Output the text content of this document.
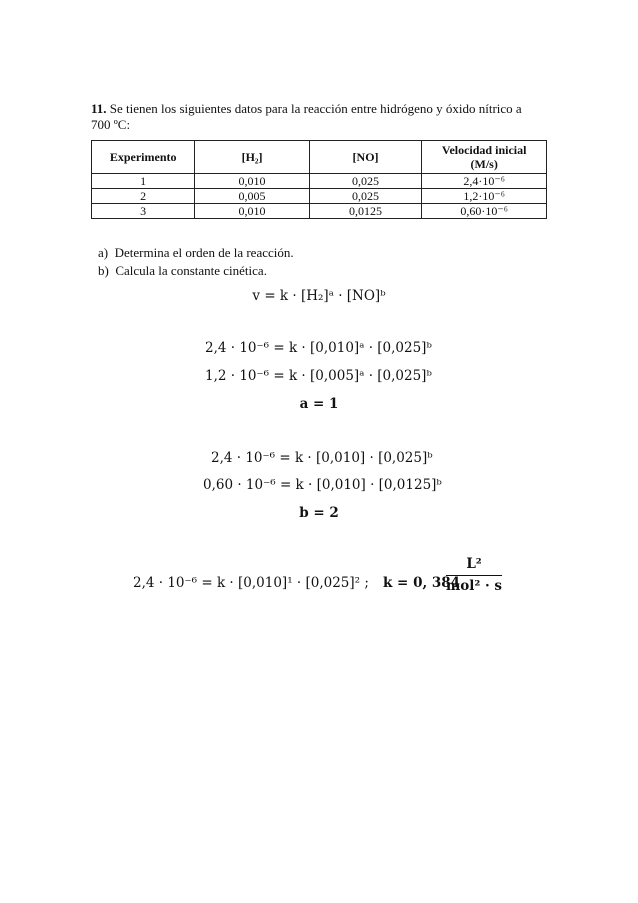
11. Se tienen los siguientes datos para la reacción entre hidrógeno y óxido nítrico a
700 ºC:
Experimento	[H₂]	[NO]	Velocidad inicial
(M/s)
1	0,010	0,025	2,4·10⁻⁶
2	0,005	0,025	1,2·10⁻⁶
3	0,010	0,0125	0,60·10⁻⁶
a) Determina el orden de la reacción.
b) Calcula la constante cinética.
v = k · [H₂]ᵃ · [NO]ᵇ
2,4 · 10⁻⁶ = k · [0,010]ᵃ · [0,025]ᵇ
1,2 · 10⁻⁶ = k · [0,005]ᵃ · [0,025]ᵇ
a = 1
2,4 · 10⁻⁶ = k · [0,010] · [0,025]ᵇ
0,60 · 10⁻⁶ = k · [0,010] · [0,0125]ᵇ
b = 2
2,4 · 10⁻⁶ = k · [0,010]¹ · [0,025]² ; k = 0, 384
$\frac{\text{L²}}{\text{mol² · s}}$
